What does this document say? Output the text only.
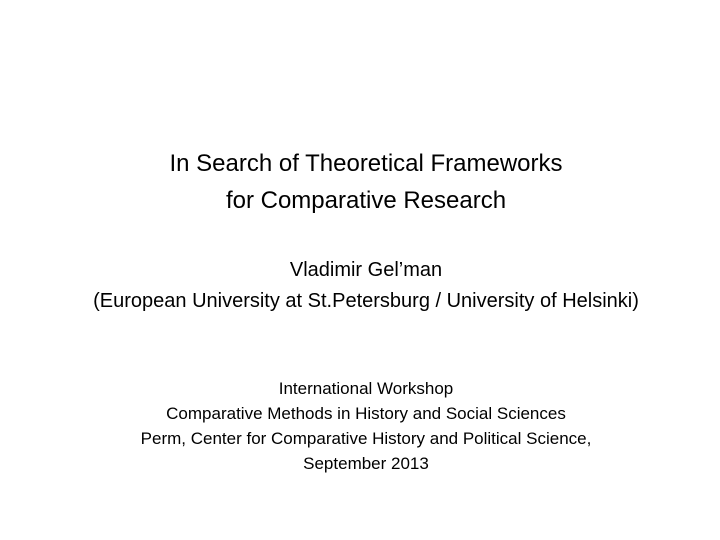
In Search of Theoretical Frameworks
for Comparative Research
Vladimir Gel’man
(European University at St.Petersburg / University of Helsinki)
International Workshop
Comparative Methods in History and Social Sciences
Perm, Center for Comparative History and Political Science,
September 2013
